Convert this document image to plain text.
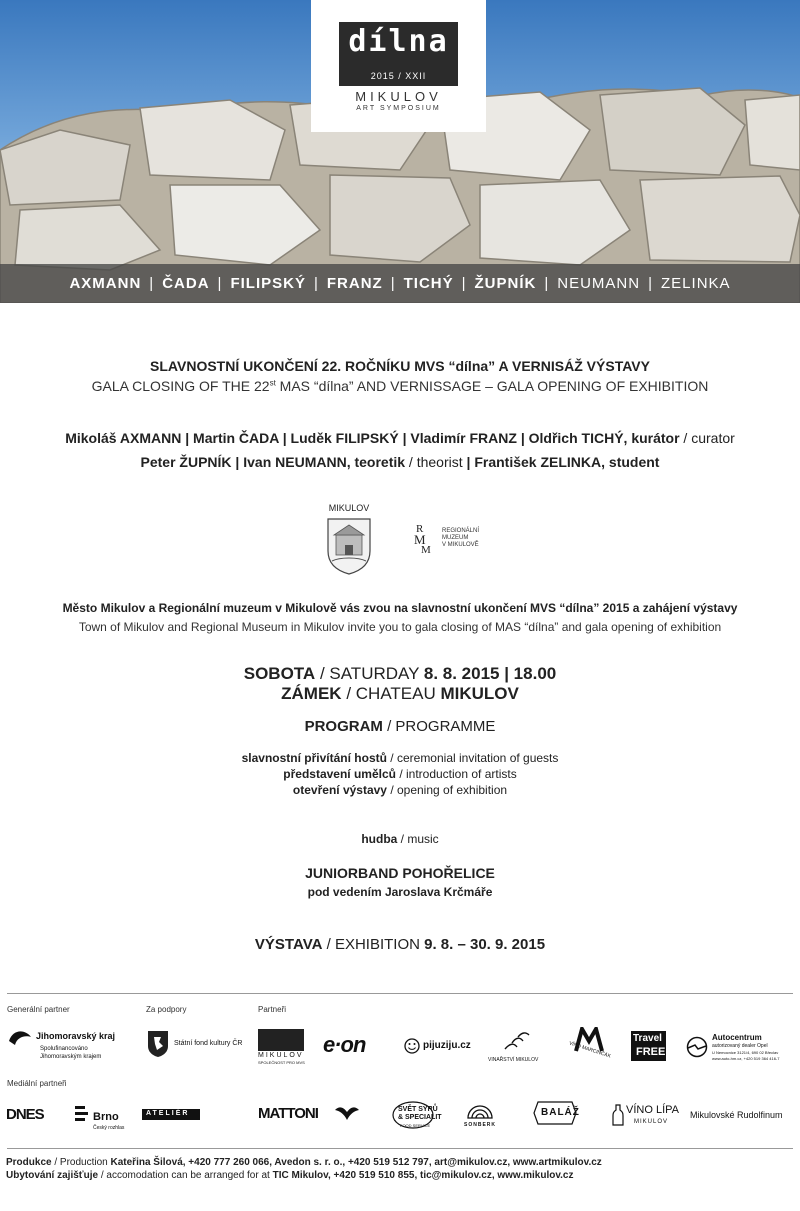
dílna
2015 / XXII
MIKULOV
ART SYMPOSIUM
AXMANN | ČADA | FILIPSKÝ | FRANZ | TICHÝ | ŽUPNÍK | NEUMANN | ZELINKA
SLAVNOSTNÍ UKONČENÍ 22. ROČNÍKU MVS “dílna” A VERNISÁŽ VÝSTAVY
GALA CLOSING OF THE 22st MAS “dílna” AND VERNISSAGE – GALA OPENING OF EXHIBITION
Mikoláš AXMANN | Martin ČADA | Luděk FILIPSKÝ | Vladimír FRANZ | Oldřich TICHÝ, kurátor / curator
Peter ŽUPNÍK | Ivan NEUMANN, teoretik / theorist | František ZELINKA, student
MIKULOV
R
M
M
REGIONÁLNÍ
MUZEUM
V MIKULOVĚ
Město Mikulov a Regionální muzeum v Mikulově vás zvou na slavnostní ukončení MVS “dílna” 2015 a zahájení výstavy
Town of Mikulov and Regional Museum in Mikulov invite you to gala closing of MAS “dílna” and gala opening of exhibition
SOBOTA / SATURDAY 8. 8. 2015 | 18.00
ZÁMEK / CHATEAU MIKULOV
PROGRAM / PROGRAMME
slavnostní přivítání hostů / ceremonial invitation of guests
představení umělců / introduction of artists
otevření výstavy / opening of exhibition
hudba / music
JUNIORBAND POHOŘELICE
pod vedením Jaroslava Krčmáře
VÝSTAVA / EXHIBITION 9. 8. – 30. 9. 2015
Generální partner	Za podpory	Partneři
Jihomoravský kraj
Spolufinancováno
Jihomoravským krajem
Státní fond kultury ČR
MIKULOV
SPOLEČNOST PRO MVS
e·on	pijuziju.cz
VINAŘSTVÍ MIKULOV
VÍNO MARCINČÁK
Travel
FREE
Autocentrum
autorizovaný dealer Opel
U Nemocnice 3121/4, 690 02 Břeclav
www.auto-hm.cz, +420 519 364 416-7
Mediální partneři
DNES	Brno
Český rozhlas
ATELIÉR	MATTONI	SVĚT SÝRŮ
& SPECIALIT
FOOD SERVICE	SONBERK
BALÁŽ	VÍNO LÍPA
MIKULOV
Mikulovské Rudolfinum
Produkce / Production Kateřina Šilová, +420 777 260 066, Avedon s. r. o., +420 519 512 797, art@mikulov.cz, www.artmikulov.cz
Ubytování zajišťuje / accomodation can be arranged for at TIC Mikulov, +420 519 510 855, tic@mikulov.cz, www.mikulov.cz
